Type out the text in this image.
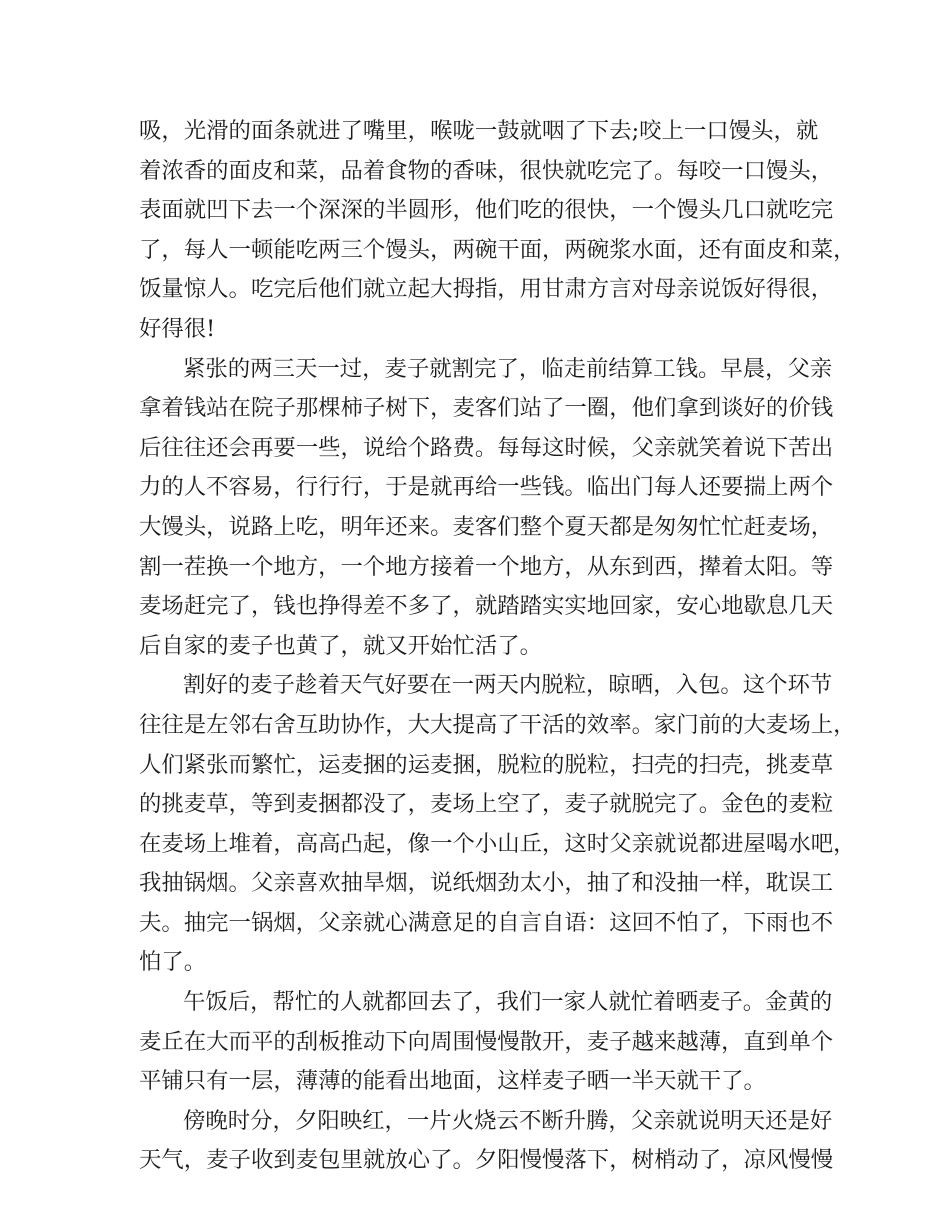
吸，光滑的面条就进了嘴里，喉咙一鼓就咽了下去;咬上一口馒头，就
着浓香的面皮和菜，品着食物的香味，很快就吃完了。每咬一口馒头，
表面就凹下去一个深深的半圆形，他们吃的很快，一个馒头几口就吃完
了，每人一顿能吃两三个馒头，两碗干面，两碗浆水面，还有面皮和菜，
饭量惊人。吃完后他们就立起大拇指，用甘肃方言对母亲说饭好得很，
好得很!
紧张的两三天一过，麦子就割完了，临走前结算工钱。早晨，父亲
拿着钱站在院子那棵柿子树下，麦客们站了一圈，他们拿到谈好的价钱
后往往还会再要一些，说给个路费。每每这时候，父亲就笑着说下苦出
力的人不容易，行行行，于是就再给一些钱。临出门每人还要揣上两个
大馒头，说路上吃，明年还来。麦客们整个夏天都是匆匆忙忙赶麦场，
割一茬换一个地方，一个地方接着一个地方，从东到西，撵着太阳。等
麦场赶完了，钱也挣得差不多了，就踏踏实实地回家，安心地歇息几天
后自家的麦子也黄了，就又开始忙活了。
割好的麦子趁着天气好要在一两天内脱粒，晾晒，入包。这个环节
往往是左邻右舍互助协作，大大提高了干活的效率。家门前的大麦场上，
人们紧张而繁忙，运麦捆的运麦捆，脱粒的脱粒，扫壳的扫壳，挑麦草
的挑麦草，等到麦捆都没了，麦场上空了，麦子就脱完了。金色的麦粒
在麦场上堆着，高高凸起，像一个小山丘，这时父亲就说都进屋喝水吧，
我抽锅烟。父亲喜欢抽旱烟，说纸烟劲太小，抽了和没抽一样，耽误工
夫。抽完一锅烟，父亲就心满意足的自言自语：这回不怕了，下雨也不
怕了。
午饭后，帮忙的人就都回去了，我们一家人就忙着晒麦子。金黄的
麦丘在大而平的刮板推动下向周围慢慢散开，麦子越来越薄，直到单个
平铺只有一层，薄薄的能看出地面，这样麦子晒一半天就干了。
傍晚时分，夕阳映红，一片火烧云不断升腾，父亲就说明天还是好
天气，麦子收到麦包里就放心了。夕阳慢慢落下，树梢动了，凉风慢慢
